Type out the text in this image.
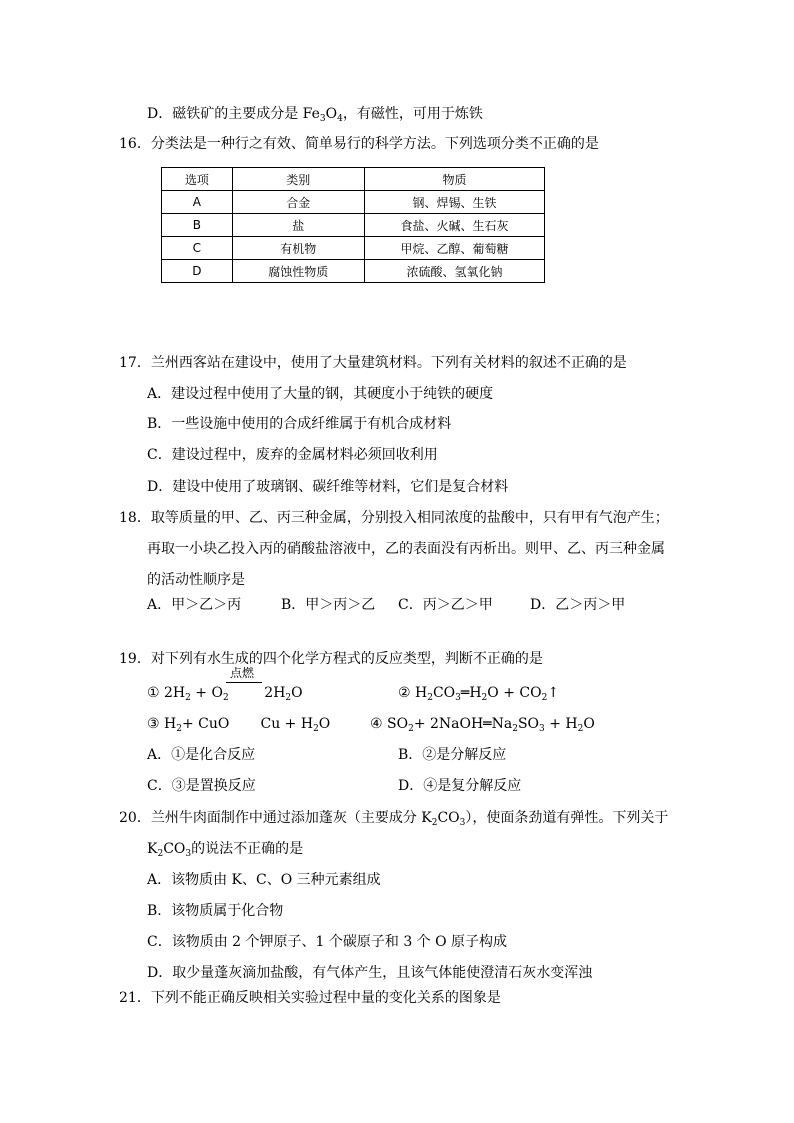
D．磁铁矿的主要成分是 $Fe_3O_4$，有磁性，可用于炼铁
16．分类法是一种行之有效、简单易行的科学方法。下列选项分类不正确的是
选项	类别	物质
A	合金	钢、焊锡、生铁
B	盐	食盐、火碱、生石灰
C	有机物	甲烷、乙醇、葡萄糖
D	腐蚀性物质	浓硫酸、氢氧化钠
17．兰州西客站在建设中，使用了大量建筑材料。下列有关材料的叙述不正确的是
A．建设过程中使用了大量的钢，其硬度小于纯铁的硬度
B．一些设施中使用的合成纤维属于有机合成材料
C．建设过程中，废弃的金属材料必须回收利用
D．建设中使用了玻璃钢、碳纤维等材料，它们是复合材料
18．取等质量的甲、乙、丙三种金属，分别投入相同浓度的盐酸中，只有甲有气泡产生；
再取一小块乙投入丙的硝酸盐溶液中，乙的表面没有丙析出。则甲、乙、丙三种金属
的活动性顺序是
A．甲＞乙＞丙	B．甲＞丙＞乙 C．丙＞乙＞甲	D．乙＞丙＞甲
19．对下列有水生成的四个化学方程式的反应类型，判断不正确的是
点燃
① $2H_2 + O_2$        $2H_2O$	② $H_2CO_3═H_2O$ + $CO_2↑$
③ $H_2+$ CuO       $Cu + H_2O$	④ $SO_2+$ $2NaOH═Na_2SO_3 + H_2O$
A．①是化合反应	B．②是分解反应
C．③是置换反应	D．④是复分解反应
20．兰州牛肉面制作中通过添加蓬灰（主要成分 $K_2CO_3$），使面条劲道有弹性。下列关于
$K_2CO_3$的说法不正确的是
A．该物质由 K、C、O 三种元素组成
B．该物质属于化合物
C．该物质由 2 个钾原子、1 个碳原子和 3 个 O 原子构成
D．取少量蓬灰滴加盐酸，有气体产生，且该气体能使澄清石灰水变浑浊
21．下列不能正确反映相关实验过程中量的变化关系的图象是
